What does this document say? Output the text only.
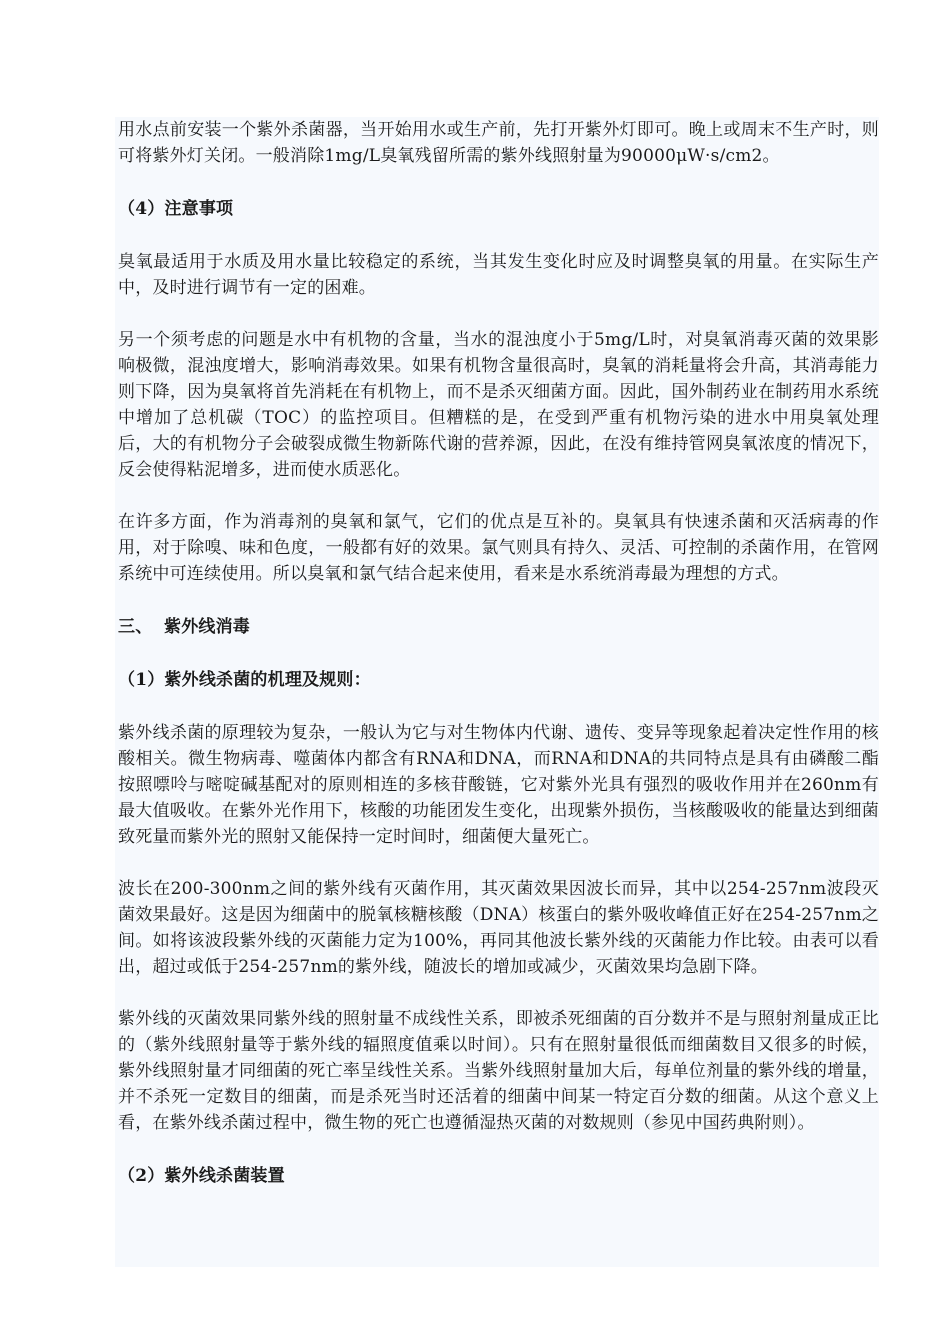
用水点前安装一个紫外杀菌器，当开始用水或生产前，先打开紫外灯即可。晚上或周末不生产时，则可将紫外灯关闭。一般消除1mg/L臭氧残留所需的紫外线照射量为90000μW·s/cm2。

（4）注意事项

臭氧最适用于水质及用水量比较稳定的系统，当其发生变化时应及时调整臭氧的用量。在实际生产中，及时进行调节有一定的困难。

另一个须考虑的问题是水中有机物的含量，当水的混浊度小于5mg/L时，对臭氧消毒灭菌的效果影响极微，混浊度增大，影响消毒效果。如果有机物含量很高时，臭氧的消耗量将会升高，其消毒能力则下降，因为臭氧将首先消耗在有机物上，而不是杀灭细菌方面。因此，国外制药业在制药用水系统中增加了总机碳（TOC）的监控项目。但糟糕的是，在受到严重有机物污染的进水中用臭氧处理后，大的有机物分子会破裂成微生物新陈代谢的营养源，因此，在没有维持管网臭氧浓度的情况下，反会使得粘泥增多，进而使水质恶化。

在许多方面，作为消毒剂的臭氧和氯气，它们的优点是互补的。臭氧具有快速杀菌和灭活病毒的作用，对于除嗅、味和色度，一般都有好的效果。氯气则具有持久、灵活、可控制的杀菌作用，在管网系统中可连续使用。所以臭氧和氯气结合起来使用，看来是水系统消毒最为理想的方式。

三、 紫外线消毒

（1）紫外线杀菌的机理及规则：

紫外线杀菌的原理较为复杂，一般认为它与对生物体内代谢、遗传、变异等现象起着决定性作用的核酸相关。微生物病毒、噬菌体内都含有RNA和DNA，而RNA和DNA的共同特点是具有由磷酸二酯按照嘌呤与嘧啶碱基配对的原则相连的多核苷酸链，它对紫外光具有强烈的吸收作用并在260nm有最大值吸收。在紫外光作用下，核酸的功能团发生变化，出现紫外损伤，当核酸吸收的能量达到细菌致死量而紫外光的照射又能保持一定时间时，细菌便大量死亡。

波长在200-300nm之间的紫外线有灭菌作用，其灭菌效果因波长而异，其中以254-257nm波段灭菌效果最好。这是因为细菌中的脱氧核糖核酸（DNA）核蛋白的紫外吸收峰值正好在254-257nm之间。如将该波段紫外线的灭菌能力定为100%，再同其他波长紫外线的灭菌能力作比较。由表可以看出，超过或低于254-257nm的紫外线，随波长的增加或减少，灭菌效果均急剧下降。

紫外线的灭菌效果同紫外线的照射量不成线性关系，即被杀死细菌的百分数并不是与照射剂量成正比的（紫外线照射量等于紫外线的辐照度值乘以时间）。只有在照射量很低而细菌数目又很多的时候，紫外线照射量才同细菌的死亡率呈线性关系。当紫外线照射量加大后，每单位剂量的紫外线的增量，并不杀死一定数目的细菌，而是杀死当时还活着的细菌中间某一特定百分数的细菌。从这个意义上看，在紫外线杀菌过程中，微生物的死亡也遵循湿热灭菌的对数规则（参见中国药典附则）。

（2）紫外线杀菌装置
